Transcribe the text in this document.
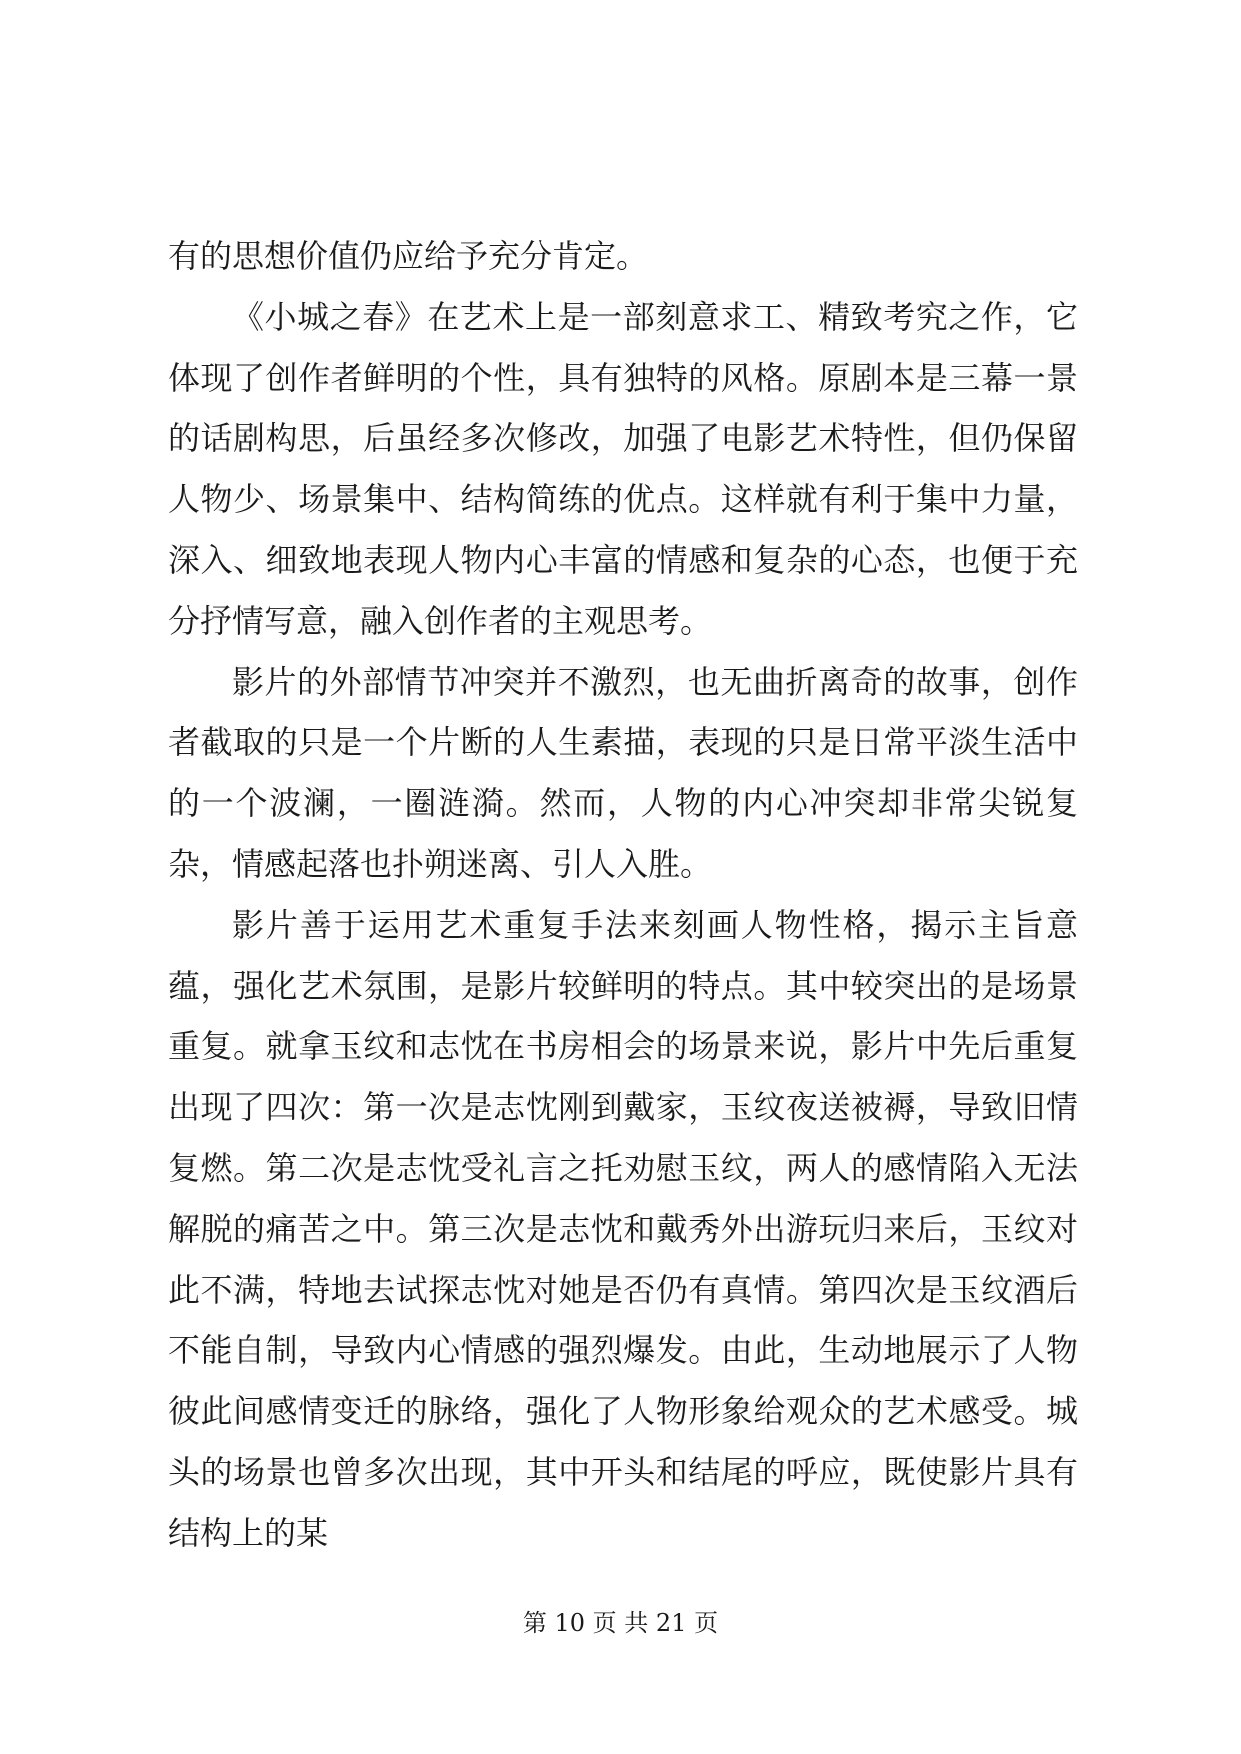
有的思想价值仍应给予充分肯定。

《小城之春》在艺术上是一部刻意求工、精致考究之作，它体现了创作者鲜明的个性，具有独特的风格。原剧本是三幕一景的话剧构思，后虽经多次修改，加强了电影艺术特性，但仍保留人物少、场景集中、结构简练的优点。这样就有利于集中力量，深入、细致地表现人物内心丰富的情感和复杂的心态，也便于充分抒情写意，融入创作者的主观思考。

影片的外部情节冲突并不激烈，也无曲折离奇的故事，创作者截取的只是一个片断的人生素描，表现的只是日常平淡生活中的一个波澜，一圈涟漪。然而，人物的内心冲突却非常尖锐复杂，情感起落也扑朔迷离、引人入胜。

影片善于运用艺术重复手法来刻画人物性格，揭示主旨意蕴，强化艺术氛围，是影片较鲜明的特点。其中较突出的是场景重复。就拿玉纹和志忱在书房相会的场景来说，影片中先后重复出现了四次：第一次是志忱刚到戴家，玉纹夜送被褥，导致旧情复燃。第二次是志忱受礼言之托劝慰玉纹，两人的感情陷入无法解脱的痛苦之中。第三次是志忱和戴秀外出游玩归来后，玉纹对此不满，特地去试探志忱对她是否仍有真情。第四次是玉纹酒后不能自制，导致内心情感的强烈爆发。由此，生动地展示了人物彼此间感情变迁的脉络，强化了人物形象给观众的艺术感受。城头的场景也曾多次出现，其中开头和结尾的呼应，既使影片具有结构上的某

第 10 页 共 21 页
